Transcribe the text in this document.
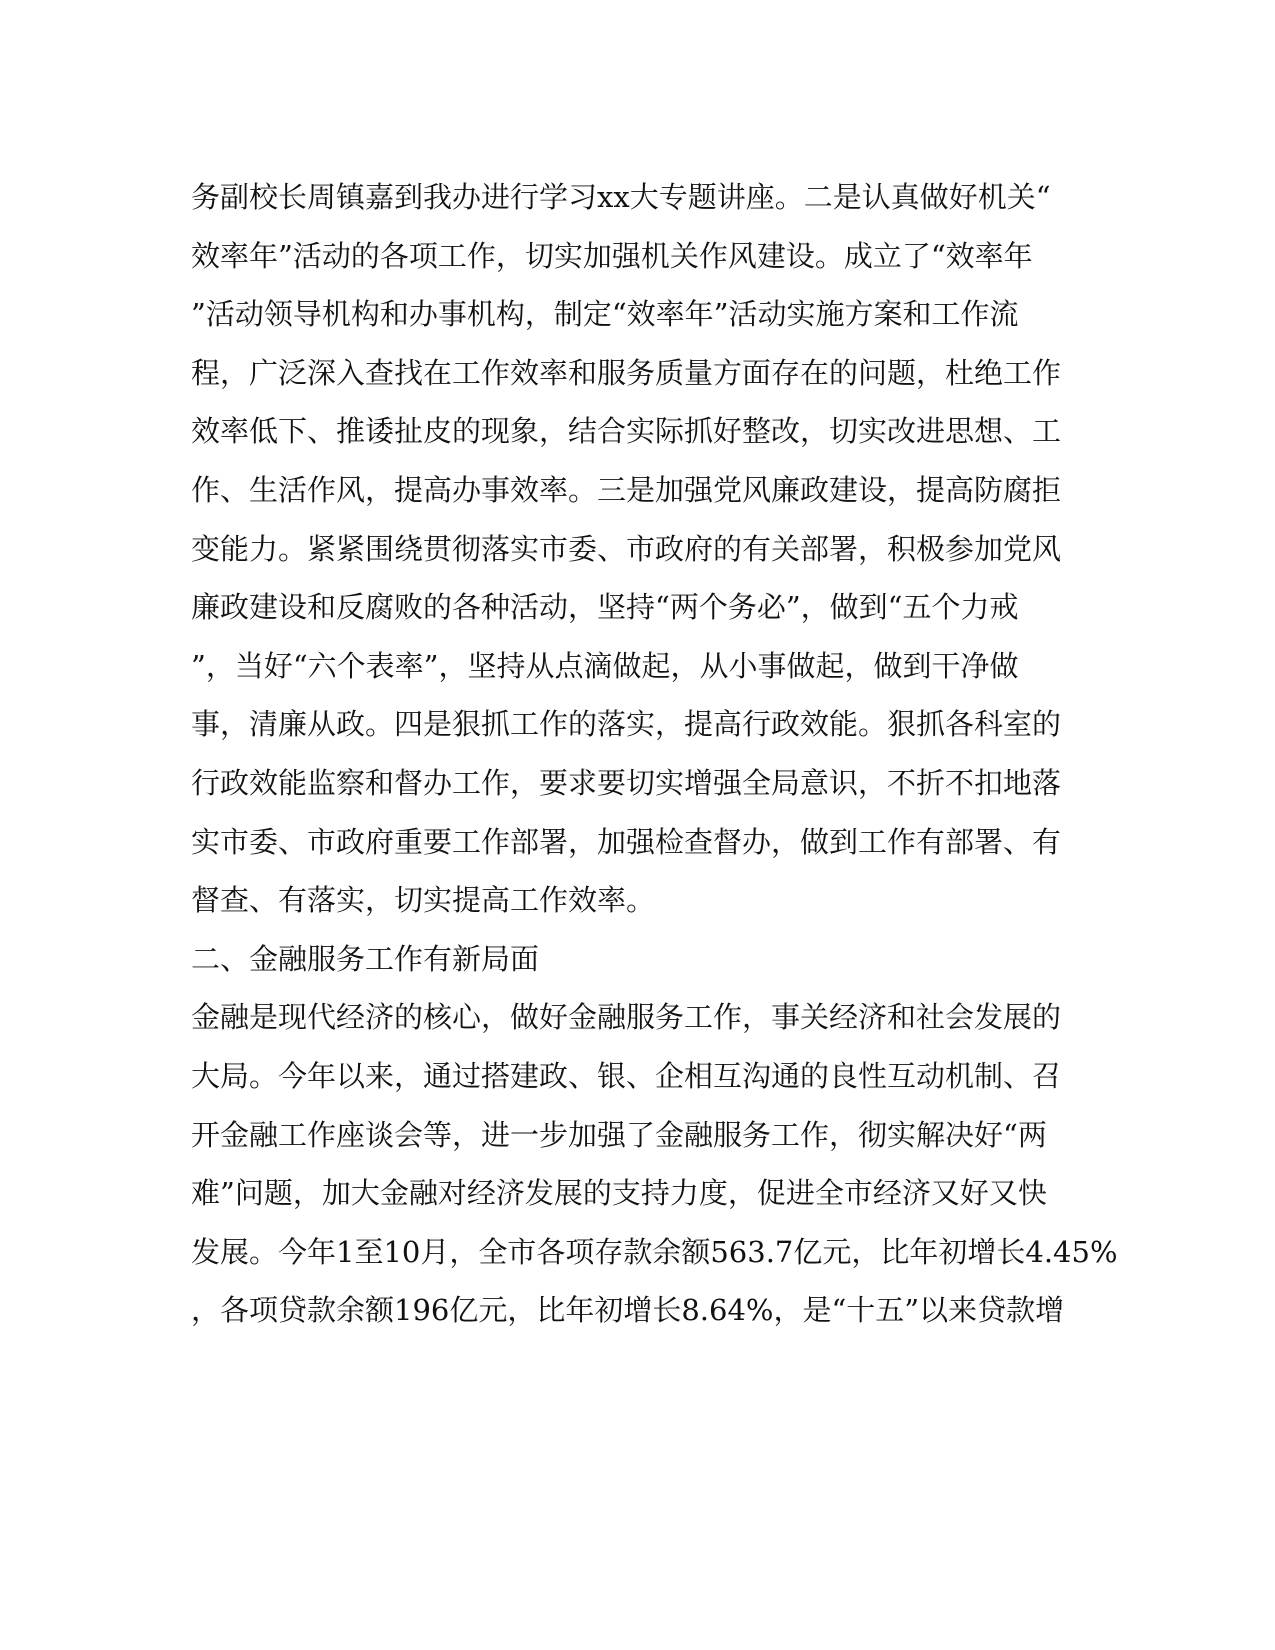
务副校长周镇嘉到我办进行学习xx大专题讲座。二是认真做好机关“
效率年”活动的各项工作，切实加强机关作风建设。成立了“效率年
”活动领导机构和办事机构，制定“效率年”活动实施方案和工作流
程，广泛深入查找在工作效率和服务质量方面存在的问题，杜绝工作
效率低下、推诿扯皮的现象，结合实际抓好整改，切实改进思想、工
作、生活作风，提高办事效率。三是加强党风廉政建设，提高防腐拒
变能力。紧紧围绕贯彻落实市委、市政府的有关部署，积极参加党风
廉政建设和反腐败的各种活动，坚持“两个务必”，做到“五个力戒
”，当好“六个表率”，坚持从点滴做起，从小事做起，做到干净做
事，清廉从政。四是狠抓工作的落实，提高行政效能。狠抓各科室的
行政效能监察和督办工作，要求要切实增强全局意识，不折不扣地落
实市委、市政府重要工作部署，加强检查督办，做到工作有部署、有
督查、有落实，切实提高工作效率。
二、金融服务工作有新局面
金融是现代经济的核心，做好金融服务工作，事关经济和社会发展的
大局。今年以来，通过搭建政、银、企相互沟通的良性互动机制、召
开金融工作座谈会等，进一步加强了金融服务工作，彻实解决好“两
难”问题，加大金融对经济发展的支持力度，促进全市经济又好又快
发展。今年1至10月，全市各项存款余额563.7亿元，比年初增长4.45%
，各项贷款余额196亿元，比年初增长8.64%，是“十五”以来贷款增
